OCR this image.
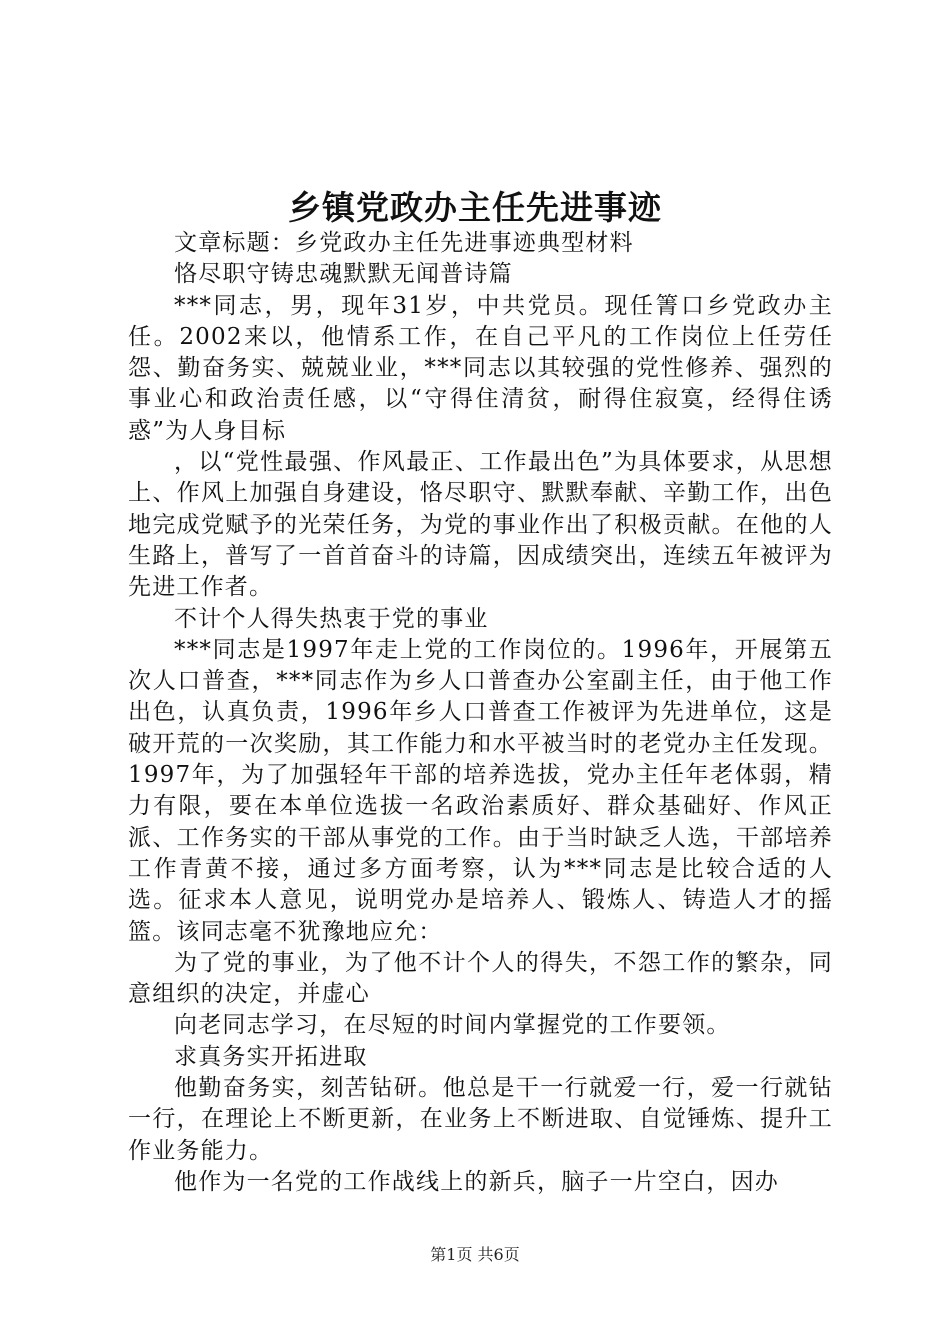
乡镇党政办主任先进事迹

文章标题：乡党政办主任先进事迹典型材料

恪尽职守铸忠魂默默无闻普诗篇

***同志，男，现年31岁，中共党员。现任箐口乡党政办主任。2002来以，他情系工作，在自己平凡的工作岗位上任劳任怨、勤奋务实、兢兢业业，***同志以其较强的党性修养、强烈的事业心和政治责任感，以“守得住清贫，耐得住寂寞，经得住诱惑”为人身目标

，以“党性最强、作风最正、工作最出色”为具体要求，从思想上、作风上加强自身建设，恪尽职守、默默奉献、辛勤工作，出色地完成党赋予的光荣任务，为党的事业作出了积极贡献。在他的人生路上，普写了一首首奋斗的诗篇，因成绩突出，连续五年被评为先进工作者。

不计个人得失热衷于党的事业

***同志是1997年走上党的工作岗位的。1996年，开展第五次人口普查，***同志作为乡人口普查办公室副主任，由于他工作出色，认真负责，1996年乡人口普查工作被评为先进单位，这是破开荒的一次奖励，其工作能力和水平被当时的老党办主任发现。1997年，为了加强轻年干部的培养选拔，党办主任年老体弱，精力有限，要在本单位选拔一名政治素质好、群众基础好、作风正派、工作务实的干部从事党的工作。由于当时缺乏人选，干部培养工作青黄不接，通过多方面考察，认为***同志是比较合适的人选。征求本人意见，说明党办是培养人、锻炼人、铸造人才的摇篮。该同志毫不犹豫地应允：

为了党的事业，为了他不计个人的得失，不怨工作的繁杂，同意组织的决定，并虚心

向老同志学习，在尽短的时间内掌握党的工作要领。

求真务实开拓进取

他勤奋务实，刻苦钻研。他总是干一行就爱一行，爱一行就钻一行，在理论上不断更新，在业务上不断进取、自觉锤炼、提升工作业务能力。

他作为一名党的工作战线上的新兵，脑子一片空白，因办

第1页 共6页
